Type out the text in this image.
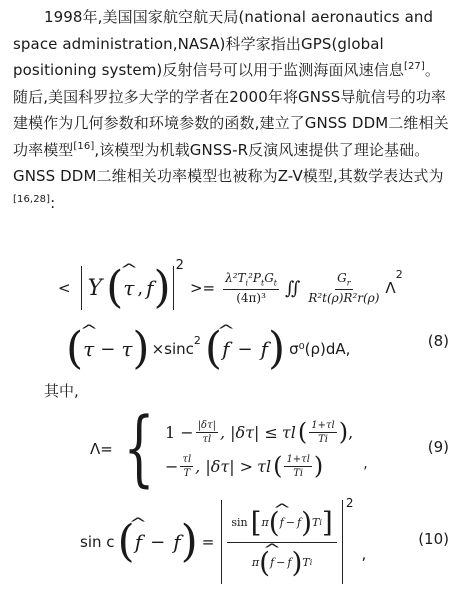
1998年,美国国家航空航天局(national aeronautics and space administration,NASA)科学家指出GPS(global positioning system)反射信号可以用于监测海面风速信息[27]。随后,美国科罗拉多大学的学者在2000年将GNSS导航信号的功率建模作为几何参数和环境参数的函数,建立了GNSS DDM二维相关功率模型[16],该模型为机载GNSS-R反演风速提供了理论基础。GNSS DDM二维相关功率模型也被称为Z-V模型,其数学表达式为[16,28]:

< Y ( ^ τ , f ) 2
>= $\frac{\lambda^2T_i^2P_tG_t}{\text{(4π)³}}$ ∬ $\frac{G_r}{\text{R²t(ρ)R²r(ρ)}}$ Λ
2
( ^ τ − τ ) ×sinc 2 ( ^ f − f ) σ⁰(ρ)dA,	(8)
其中,
Λ= { $1 - \frac{|\delta\tau|}{\tau l}$ , |δτ| ≤ τl ( $\frac{1+\tau l}{Ti}$ ) ,
− $\frac{\tau l}{T}$ , |δτ| > τl ( $\frac{1+\tau l}{Ti}$ )	,
(9)
sin c ( ^ f − f ) =
sin [ π ( ^ f − f ) T i ]
π ( ^ f − f ) T i
2
,
(10)
